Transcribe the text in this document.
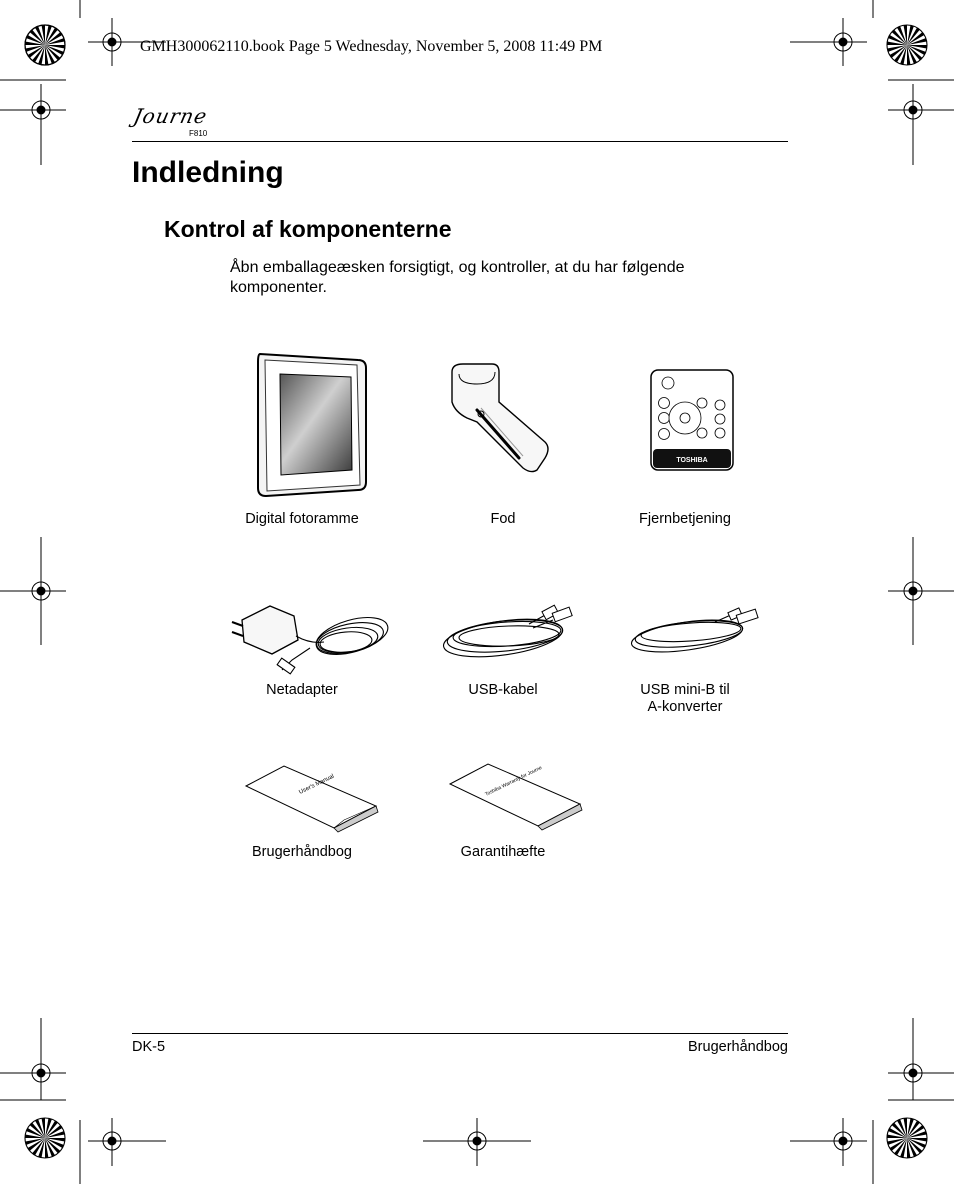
GMH300062110.book Page 5 Wednesday, November 5, 2008 11:49 PM
Journe
F810
Indledning
Kontrol af komponenterne
Åbn emballageæsken forsigtigt, og kontroller, at du har følgende komponenter.
TOSHIBA
Digital fotoramme	Fod	Fjernbetjening
Netadapter	USB-kabel	USB mini-B til
A-konverter
User's Manual	Toshiba Warranty for Journe
Brugerhåndbog	Garantihæfte
DK-5	Brugerhåndbog
